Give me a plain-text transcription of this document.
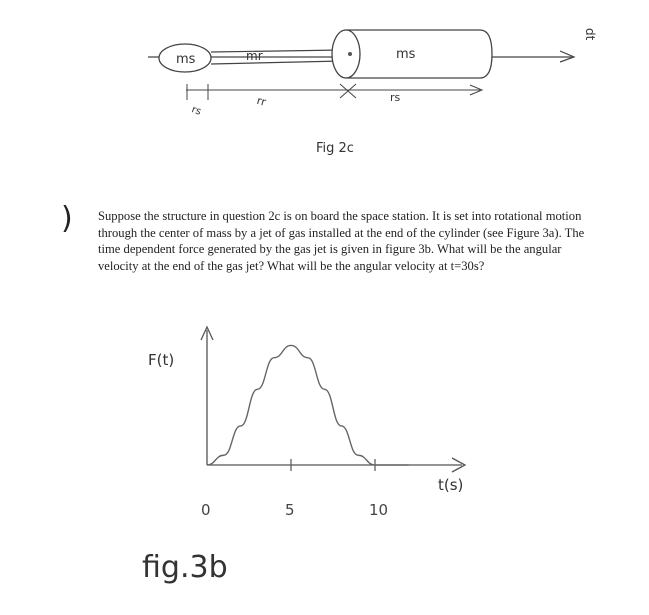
ms	mr	ms
dt
rs
rr	rs
Fig 2c
) Suppose the structure in question 2c is on board the space station. It is set into rotational motion through the center of mass by a jet of gas installed at the end of the cylinder (see Figure 3a). The time dependent force generated by the gas jet is given in figure 3b. What will be the angular velocity at the end of the gas jet? What will be the angular velocity at t=30s?

F(t)
t(s)
0	5	10
fig.3b
